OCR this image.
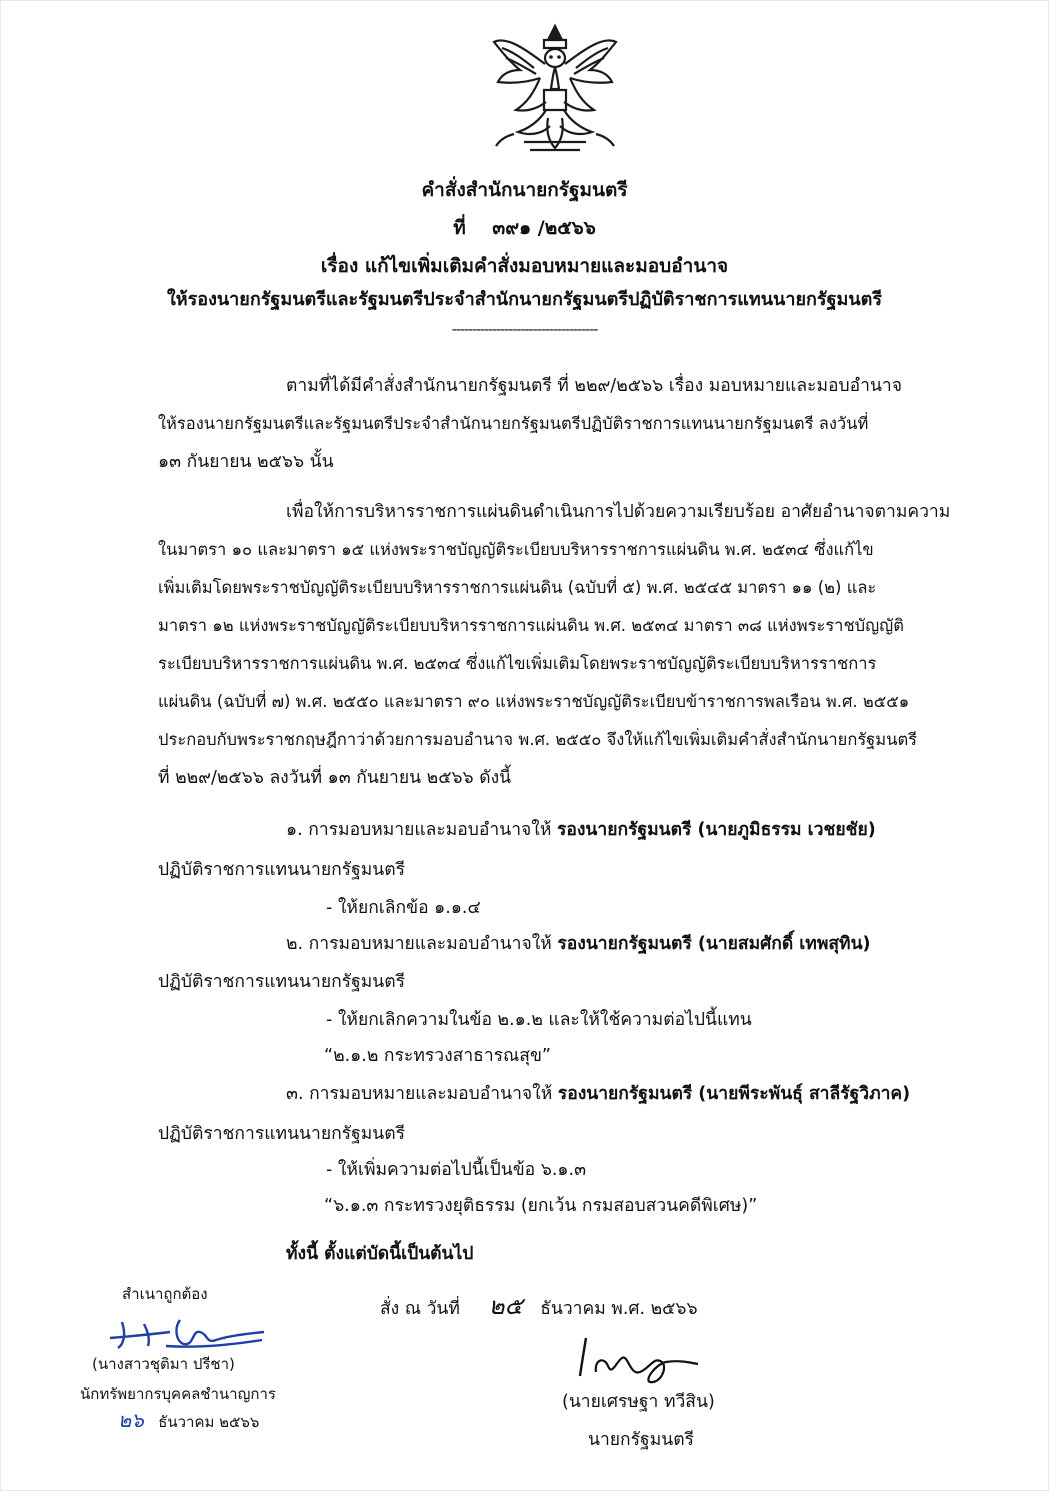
คำสั่งสำนักนายกรัฐมนตรี
ที่ ๓๙๑ /๒๕๖๖
เรื่อง แก้ไขเพิ่มเติมคำสั่งมอบหมายและมอบอำนาจ
ให้รองนายกรัฐมนตรีและรัฐมนตรีประจำสำนักนายกรัฐมนตรีปฏิบัติราชการแทนนายกรัฐมนตรี
------------------------------------
ตามที่ได้มีคำสั่งสำนักนายกรัฐมนตรี ที่ ๒๒๙/๒๕๖๖ เรื่อง มอบหมายและมอบอำนาจ
ให้รองนายกรัฐมนตรีและรัฐมนตรีประจำสำนักนายกรัฐมนตรีปฏิบัติราชการแทนนายกรัฐมนตรี ลงวันที่
๑๓ กันยายน ๒๕๖๖ นั้น
เพื่อให้การบริหารราชการแผ่นดินดำเนินการไปด้วยความเรียบร้อย อาศัยอำนาจตามความ
ในมาตรา ๑๐ และมาตรา ๑๕ แห่งพระราชบัญญัติระเบียบบริหารราชการแผ่นดิน พ.ศ. ๒๕๓๔ ซึ่งแก้ไข
เพิ่มเติมโดยพระราชบัญญัติระเบียบบริหารราชการแผ่นดิน (ฉบับที่ ๕) พ.ศ. ๒๕๔๕ มาตรา ๑๑ (๒) และ
มาตรา ๑๒ แห่งพระราชบัญญัติระเบียบบริหารราชการแผ่นดิน พ.ศ. ๒๕๓๔ มาตรา ๓๘ แห่งพระราชบัญญัติ
ระเบียบบริหารราชการแผ่นดิน พ.ศ. ๒๕๓๔ ซึ่งแก้ไขเพิ่มเติมโดยพระราชบัญญัติระเบียบบริหารราชการ
แผ่นดิน (ฉบับที่ ๗) พ.ศ. ๒๕๕๐ และมาตรา ๙๐ แห่งพระราชบัญญัติระเบียบข้าราชการพลเรือน พ.ศ. ๒๕๕๑
ประกอบกับพระราชกฤษฎีกาว่าด้วยการมอบอำนาจ พ.ศ. ๒๕๕๐ จึงให้แก้ไขเพิ่มเติมคำสั่งสำนักนายกรัฐมนตรี
ที่ ๒๒๙/๒๕๖๖ ลงวันที่ ๑๓ กันยายน ๒๕๖๖ ดังนี้
๑. การมอบหมายและมอบอำนาจให้ รองนายกรัฐมนตรี (นายภูมิธรรม เวชยชัย)
ปฏิบัติราชการแทนนายกรัฐมนตรี
- ให้ยกเลิกข้อ ๑.๑.๔
๒. การมอบหมายและมอบอำนาจให้ รองนายกรัฐมนตรี (นายสมศักดิ์ เทพสุทิน)
ปฏิบัติราชการแทนนายกรัฐมนตรี
- ให้ยกเลิกความในข้อ ๒.๑.๒ และให้ใช้ความต่อไปนี้แทน
“๒.๑.๒ กระทรวงสาธารณสุข”
๓. การมอบหมายและมอบอำนาจให้ รองนายกรัฐมนตรี (นายพีระพันธุ์ สาลีรัฐวิภาค)
ปฏิบัติราชการแทนนายกรัฐมนตรี
- ให้เพิ่มความต่อไปนี้เป็นข้อ ๖.๑.๓
“๖.๑.๓ กระทรวงยุติธรรม (ยกเว้น กรมสอบสวนคดีพิเศษ)”
ทั้งนี้ ตั้งแต่บัดนี้เป็นต้นไป
สั่ง ณ วันที่ ๒๕ ธันวาคม พ.ศ. ๒๕๖๖
(นายเศรษฐา ทวีสิน)
นายกรัฐมนตรี
สำเนาถูกต้อง
(นางสาวชุติมา ปรีชา)
นักทรัพยากรบุคคลชำนาญการ
๒๖ ธันวาคม ๒๕๖๖
